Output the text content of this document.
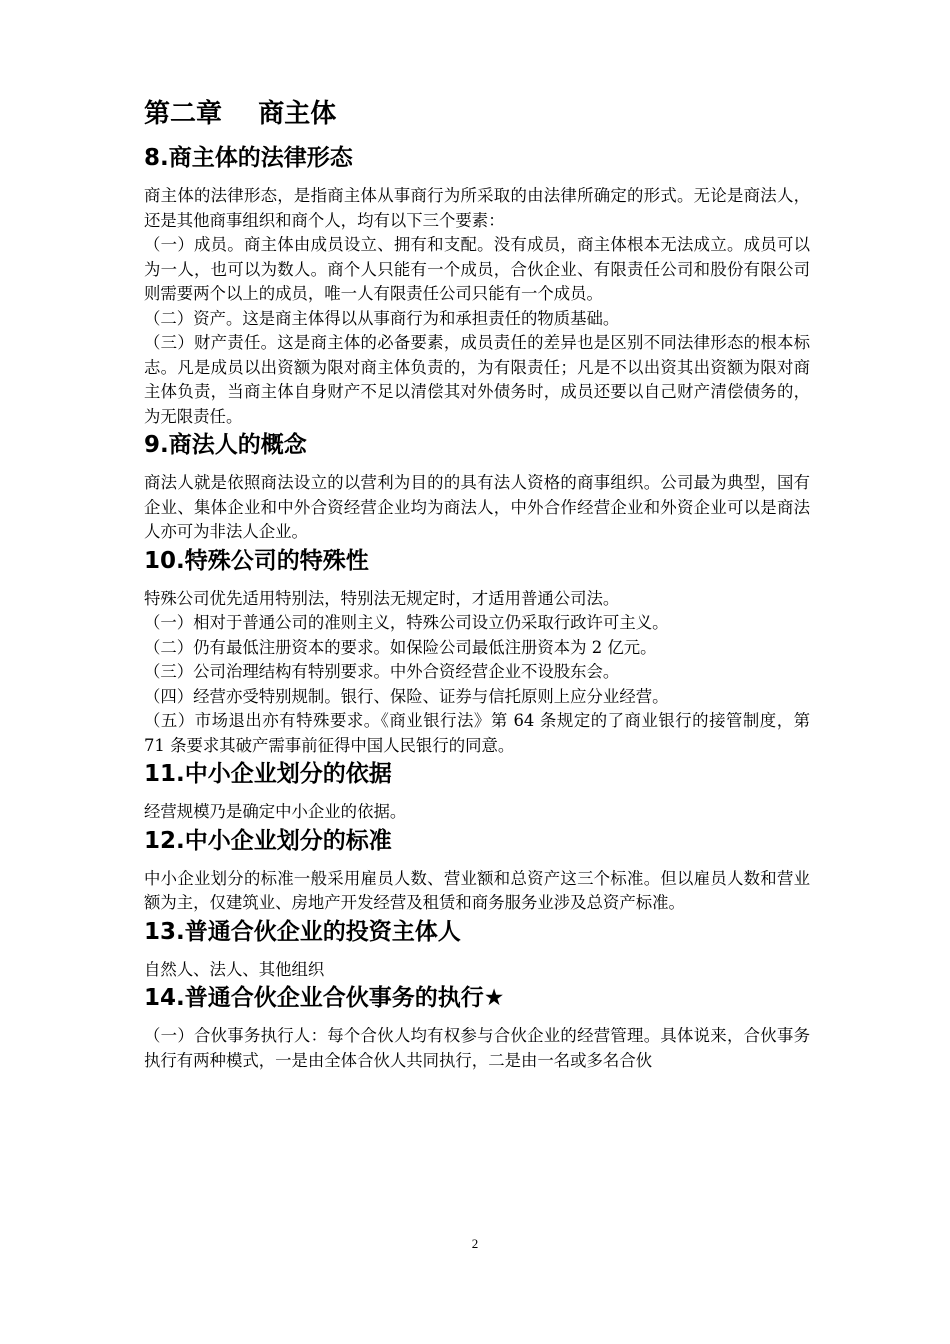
第二章    商主体
8.商主体的法律形态

商主体的法律形态，是指商主体从事商行为所采取的由法律所确定的形式。无论是商法人，还是其他商事组织和商个人，均有以下三个要素：

（一）成员。商主体由成员设立、拥有和支配。没有成员，商主体根本无法成立。成员可以为一人，也可以为数人。商个人只能有一个成员，合伙企业、有限责任公司和股份有限公司则需要两个以上的成员，唯一人有限责任公司只能有一个成员。

（二）资产。这是商主体得以从事商行为和承担责任的物质基础。

（三）财产责任。这是商主体的必备要素，成员责任的差异也是区别不同法律形态的根本标志。凡是成员以出资额为限对商主体负责的，为有限责任；凡是不以出资其出资额为限对商主体负责，当商主体自身财产不足以清偿其对外债务时，成员还要以自己财产清偿债务的，为无限责任。

9.商法人的概念

商法人就是依照商法设立的以营利为目的的具有法人资格的商事组织。公司最为典型，国有企业、集体企业和中外合资经营企业均为商法人，中外合作经营企业和外资企业可以是商法人亦可为非法人企业。

10.特殊公司的特殊性

特殊公司优先适用特别法，特别法无规定时，才适用普通公司法。

（一）相对于普通公司的准则主义，特殊公司设立仍采取行政许可主义。

（二）仍有最低注册资本的要求。如保险公司最低注册资本为 2 亿元。

（三）公司治理结构有特别要求。中外合资经营企业不设股东会。

（四）经营亦受特别规制。银行、保险、证券与信托原则上应分业经营。

（五）市场退出亦有特殊要求。《商业银行法》第 64 条规定的了商业银行的接管制度，第 71 条要求其破产需事前征得中国人民银行的同意。

11.中小企业划分的依据

经营规模乃是确定中小企业的依据。

12.中小企业划分的标准

中小企业划分的标准一般采用雇员人数、营业额和总资产这三个标准。但以雇员人数和营业额为主，仅建筑业、房地产开发经营及租赁和商务服务业涉及总资产标准。

13.普通合伙企业的投资主体人

自然人、法人、其他组织

14.普通合伙企业合伙事务的执行★

（一）合伙事务执行人：每个合伙人均有权参与合伙企业的经营管理。具体说来，合伙事务执行有两种模式，一是由全体合伙人共同执行，二是由一名或多名合伙

2
